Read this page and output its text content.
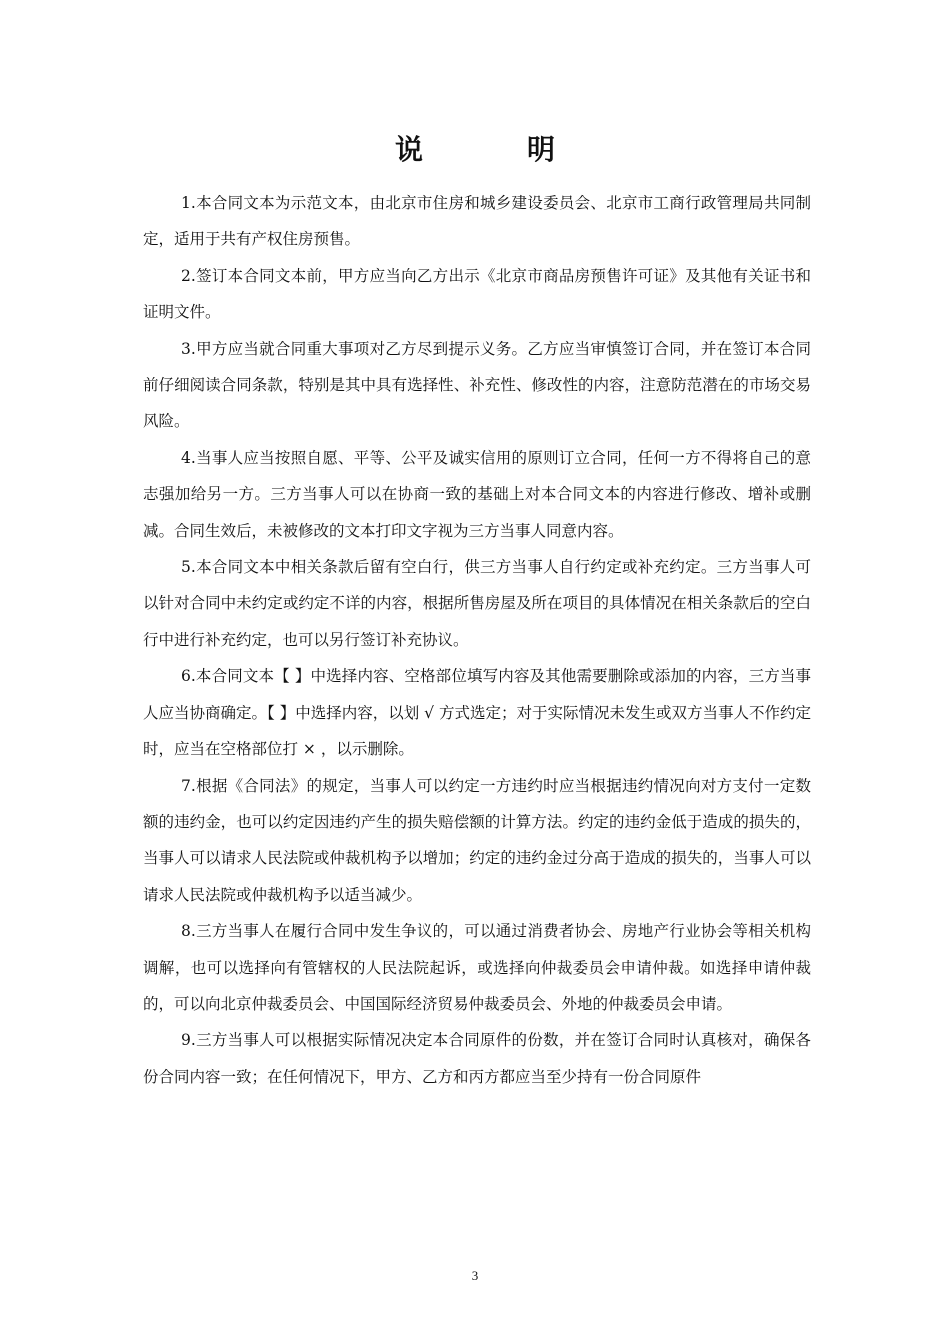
说　明

1.本合同文本为示范文本，由北京市住房和城乡建设委员会、北京市工商行政管理局共同制定，适用于共有产权住房预售。

2.签订本合同文本前，甲方应当向乙方出示《北京市商品房预售许可证》及其他有关证书和证明文件。

3.甲方应当就合同重大事项对乙方尽到提示义务。乙方应当审慎签订合同，并在签订本合同前仔细阅读合同条款，特别是其中具有选择性、补充性、修改性的内容，注意防范潜在的市场交易风险。

4.当事人应当按照自愿、平等、公平及诚实信用的原则订立合同，任何一方不得将自己的意志强加给另一方。三方当事人可以在协商一致的基础上对本合同文本的内容进行修改、增补或删减。合同生效后，未被修改的文本打印文字视为三方当事人同意内容。

5.本合同文本中相关条款后留有空白行，供三方当事人自行约定或补充约定。三方当事人可以针对合同中未约定或约定不详的内容，根据所售房屋及所在项目的具体情况在相关条款后的空白行中进行补充约定，也可以另行签订补充协议。

6.本合同文本【 】中选择内容、空格部位填写内容及其他需要删除或添加的内容，三方当事人应当协商确定。【 】中选择内容，以划 √ 方式选定；对于实际情况未发生或双方当事人不作约定时，应当在空格部位打 × ，以示删除。

7.根据《合同法》的规定，当事人可以约定一方违约时应当根据违约情况向对方支付一定数额的违约金，也可以约定因违约产生的损失赔偿额的计算方法。约定的违约金低于造成的损失的，当事人可以请求人民法院或仲裁机构予以增加；约定的违约金过分高于造成的损失的，当事人可以请求人民法院或仲裁机构予以适当减少。

8.三方当事人在履行合同中发生争议的，可以通过消费者协会、房地产行业协会等相关机构调解，也可以选择向有管辖权的人民法院起诉，或选择向仲裁委员会申请仲裁。如选择申请仲裁的，可以向北京仲裁委员会、中国国际经济贸易仲裁委员会、外地的仲裁委员会申请。

9.三方当事人可以根据实际情况决定本合同原件的份数，并在签订合同时认真核对，确保各份合同内容一致；在任何情况下，甲方、乙方和丙方都应当至少持有一份合同原件

3
